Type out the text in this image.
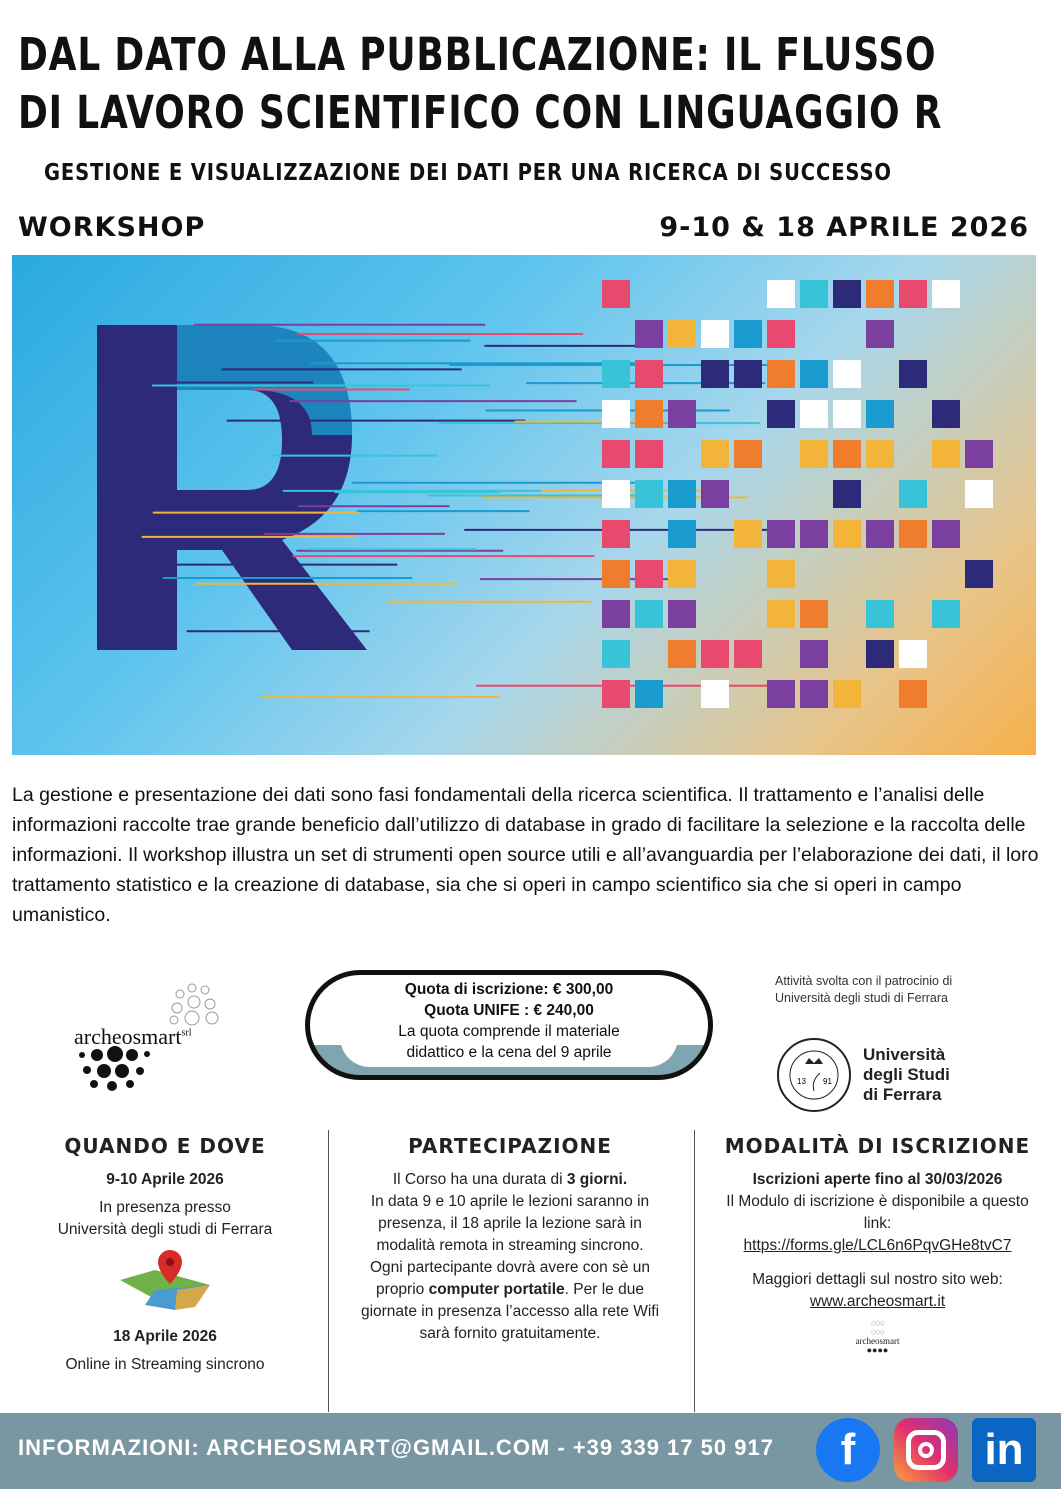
DAL DATO ALLA PUBBLICAZIONE: IL FLUSSO
DI LAVORO SCIENTIFICO CON LINGUAGGIO R
GESTIONE E VISUALIZZAZIONE DEI DATI PER UNA RICERCA DI SUCCESSO
WORKSHOP	9-10 & 18 APRILE 2026
La gestione e presentazione dei dati sono fasi fondamentali della ricerca scientifica. Il trattamento e l’analisi delle informazioni raccolte trae grande beneficio dall’utilizzo di database in grado di facilitare la selezione e la raccolta delle informazioni. Il workshop illustra un set di strumenti open source utili e all’avanguardia per l’elaborazione dei dati, il loro trattamento statistico e la creazione di database, sia che si operi in campo scientifico sia che si operi in campo umanistico.
archeosmart$^{srl}$
Quota di iscrizione: € 300,00
Quota UNIFE : € 240,00
La quota comprende il materiale
didattico e la cena del 9 aprile
Attività svolta con il patrocinio di Università degli studi di Ferrara
13 91
Università
degli Studi
di Ferrara
QUANDO E DOVE
9-10 Aprile 2026
In presenza presso
Università degli studi di Ferrara
18 Aprile 2026
Online in Streaming sincrono
PARTECIPAZIONE
Il Corso ha una durata di 3 giorni.
In data 9 e 10 aprile le lezioni saranno in presenza, il 18 aprile la lezione sarà in modalità remota in streaming sincrono.
Ogni partecipante dovrà avere con sè un proprio computer portatile. Per le due giornate in presenza l’accesso alla rete Wifi sarà fornito gratuitamente.
MODALITÀ DI ISCRIZIONE
Iscrizioni aperte fino al 30/03/2026
Il Modulo di iscrizione è disponibile a questo link:
https://forms.gle/LCL6n6PqvGHe8tvC7
Maggiori dettagli sul nostro sito web:
www.archeosmart.it
○○○
○○○
archeosmart
●●●●
INFORMAZIONI: ARCHEOSMART@GMAIL.COM - +39 339 17 50 917	f	in
